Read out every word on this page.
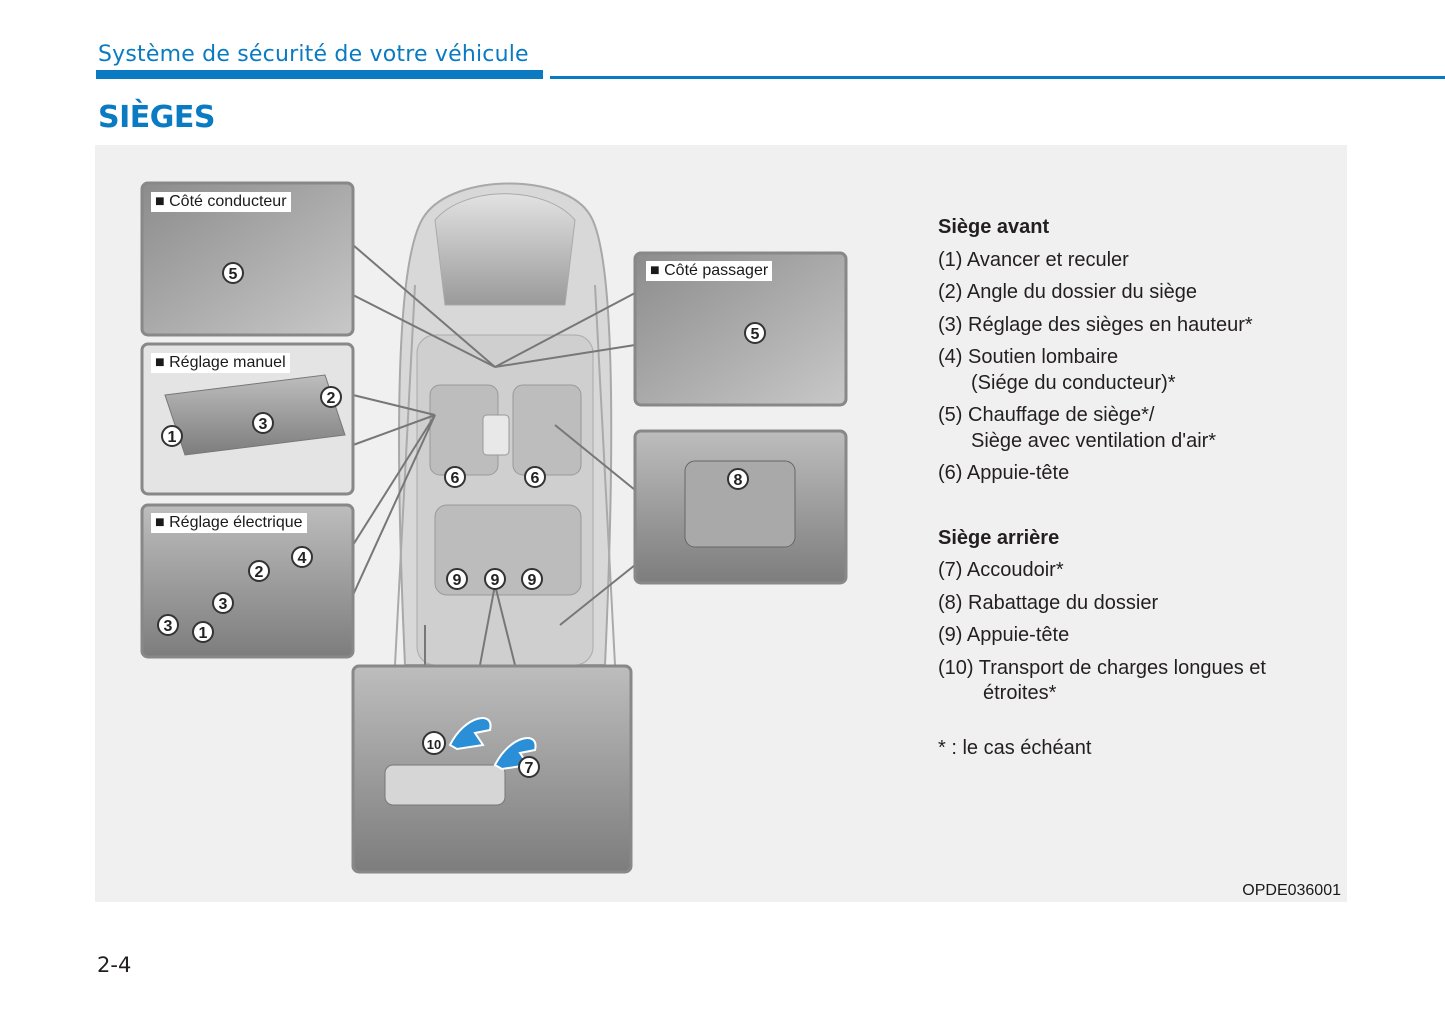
Système de sécurité de votre véhicule
SIÈGES
5
5
2
3
1
4
2
3
3 1
6	6
9 9 9
8
10
7
■ Côté conducteur
■ Côté passager
■ Réglage manuel
■ Réglage électrique
OPDE036001
Siège avant
(1) Avancer et reculer
(2) Angle du dossier du siège
(3) Réglage des sièges en hauteur*
(4) Soutien lombaire
(Siége du conducteur)*
(5) Chauffage de siège*/
Siège avec ventilation d'air*
(6) Appuie-tête
Siège arrière
(7) Accoudoir*
(8) Rabattage du dossier
(9) Appuie-tête
(10) Transport de charges longues et
étroites*
* : le cas échéant
2-4
